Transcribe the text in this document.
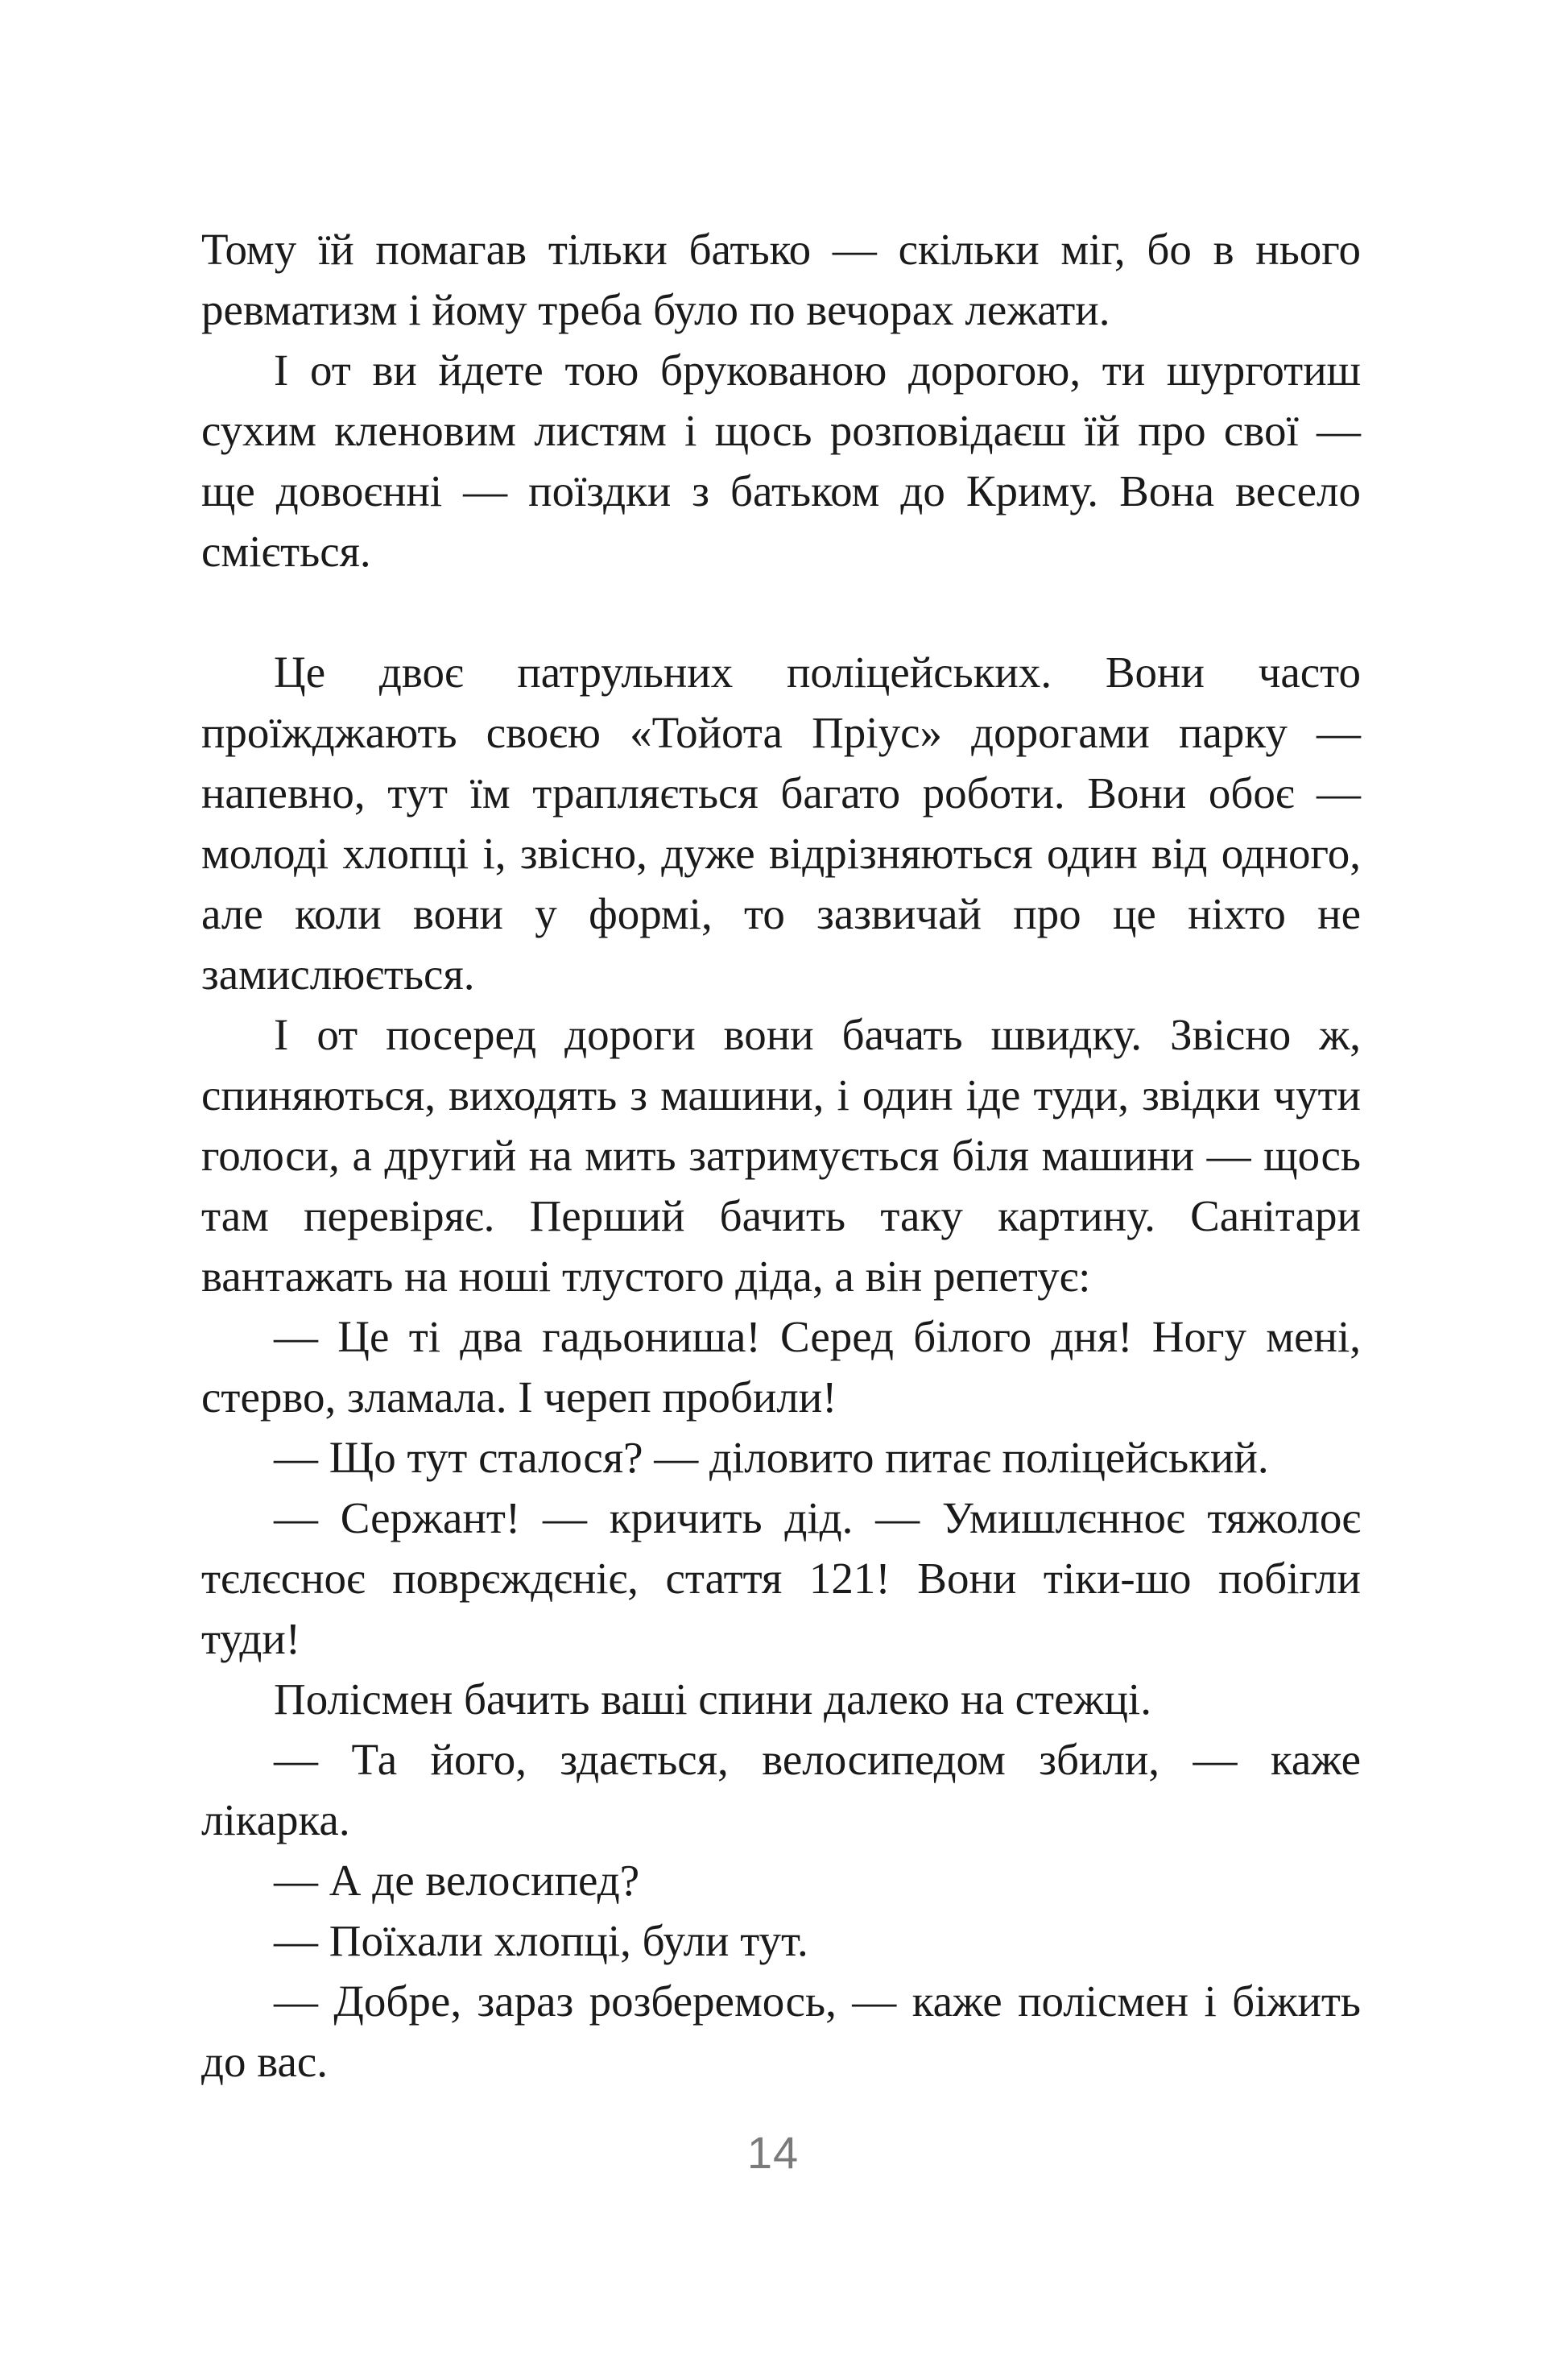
Тому їй помагав тільки батько — скільки міг, бо в нього ревматизм і йому треба було по вечорах лежати.

І от ви йдете тою брукованою дорогою, ти шурготиш сухим кленовим листям і щось розповідаєш їй про свої — ще довоєнні — поїздки з батьком до Криму. Вона весело сміється.

Це двоє патрульних поліцейських. Вони часто проїжджають своєю «Тойота Пріус» дорогами парку — напевно, тут їм трапляється багато роботи. Вони обоє — молоді хлопці і, звісно, дуже відрізняються один від одного, але коли вони у формі, то зазвичай про це ніхто не замислюється.

І от посеред дороги вони бачать швидку. Звісно ж, спиняються, виходять з машини, і один іде туди, звідки чути голоси, а другий на мить затримується біля машини — щось там перевіряє. Перший бачить таку картину. Санітари вантажать на ноші тлустого діда, а він репетує:

— Це ті два гадьониша! Серед білого дня! Ногу мені, стерво, зламала. І череп пробили!

— Що тут сталося? — діловито питає поліцейський.

— Сержант! — кричить дід. — Умишлєнноє тяжолоє тєлєсноє поврєждєніє, стаття 121! Вони тіки-шо побігли туди!

Полісмен бачить ваші спини далеко на стежці.

— Та його, здається, велосипедом збили, — каже лікарка.

— А де велосипед?

— Поїхали хлопці, були тут.

— Добре, зараз розберемось, — каже полісмен і біжить до вас.

14
